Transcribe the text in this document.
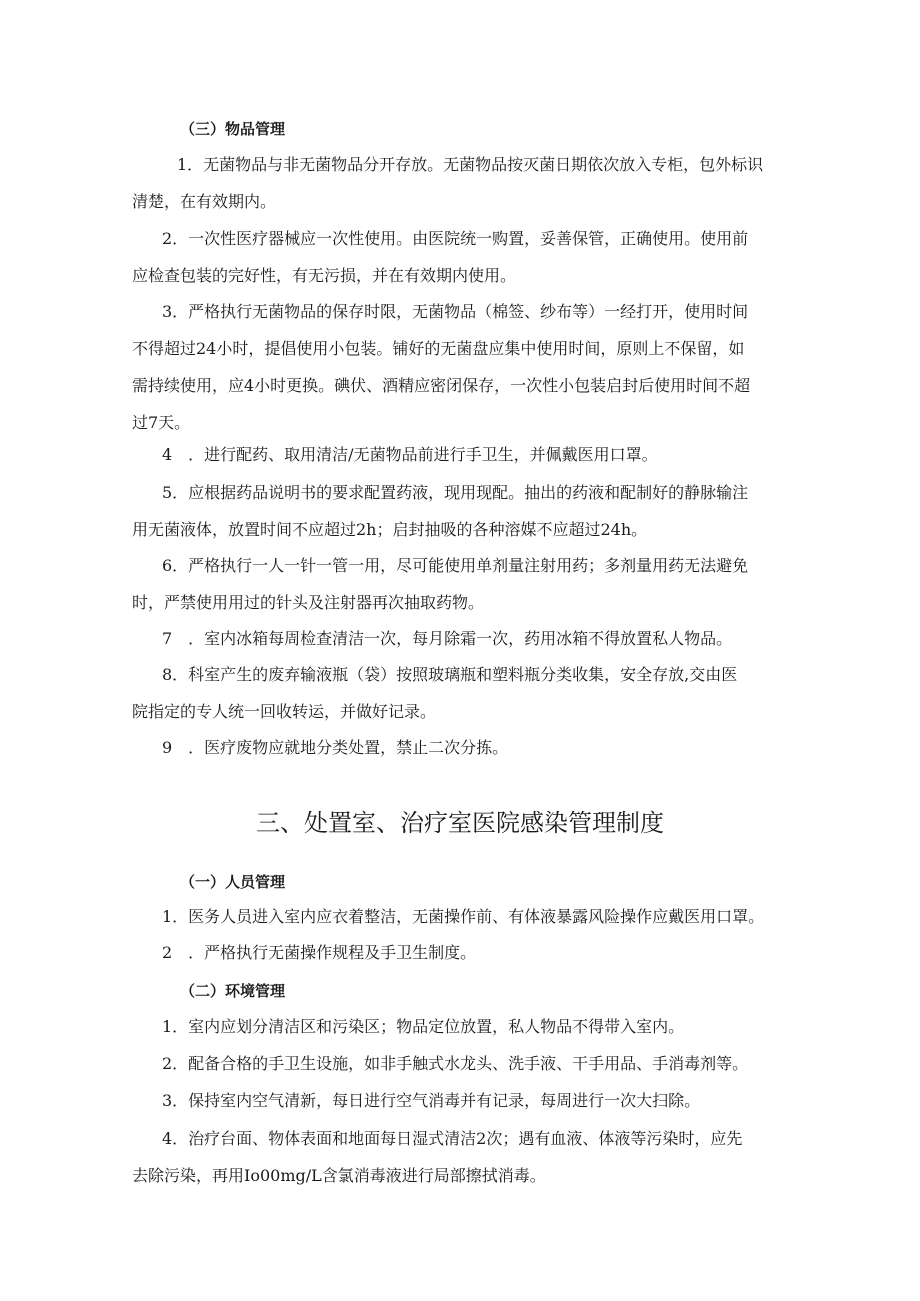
（三）物品管理
1．无菌物品与非无菌物品分开存放。无菌物品按灭菌日期依次放入专柜，包外标识
清楚，在有效期内。
2．一次性医疗器械应一次性使用。由医院统一购置，妥善保管，正确使用。使用前
应检查包装的完好性，有无污损，并在有效期内使用。
3．严格执行无菌物品的保存时限，无菌物品（棉签、纱布等）一经打开，使用时间
不得超过24小时，提倡使用小包装。铺好的无菌盘应集中使用时间，原则上不保留，如
需持续使用，应4小时更换。碘伏、酒精应密闭保存，一次性小包装启封后使用时间不超
过7天。
4　．进行配药、取用清洁/无菌物品前进行手卫生，并佩戴医用口罩。
5．应根据药品说明书的要求配置药液，现用现配。抽出的药液和配制好的静脉输注
用无菌液体，放置时间不应超过2h；启封抽吸的各种溶媒不应超过24h。
6．严格执行一人一针一管一用，尽可能使用单剂量注射用药；多剂量用药无法避免
时，严禁使用用过的针头及注射器再次抽取药物。
7　．室内冰箱每周检查清洁一次，每月除霜一次，药用冰箱不得放置私人物品。
8．科室产生的废弃输液瓶（袋）按照玻璃瓶和塑料瓶分类收集，安全存放,交由医
院指定的专人统一回收转运，并做好记录。
9　．医疗废物应就地分类处置，禁止二次分拣。
三、处置室、治疗室医院感染管理制度
（一）人员管理
1．医务人员进入室内应衣着整洁，无菌操作前、有体液暴露风险操作应戴医用口罩。
2　．严格执行无菌操作规程及手卫生制度。
（二）环境管理
1．室内应划分清洁区和污染区；物品定位放置，私人物品不得带入室内。
2．配备合格的手卫生设施，如非手触式水龙头、洗手液、干手用品、手消毒剂等。
3．保持室内空气清新，每日进行空气消毒并有记录，每周进行一次大扫除。
4．治疗台面、物体表面和地面每日湿式清洁2次；遇有血液、体液等污染时，应先
去除污染，再用Io00mg/L含氯消毒液进行局部擦拭消毒。
